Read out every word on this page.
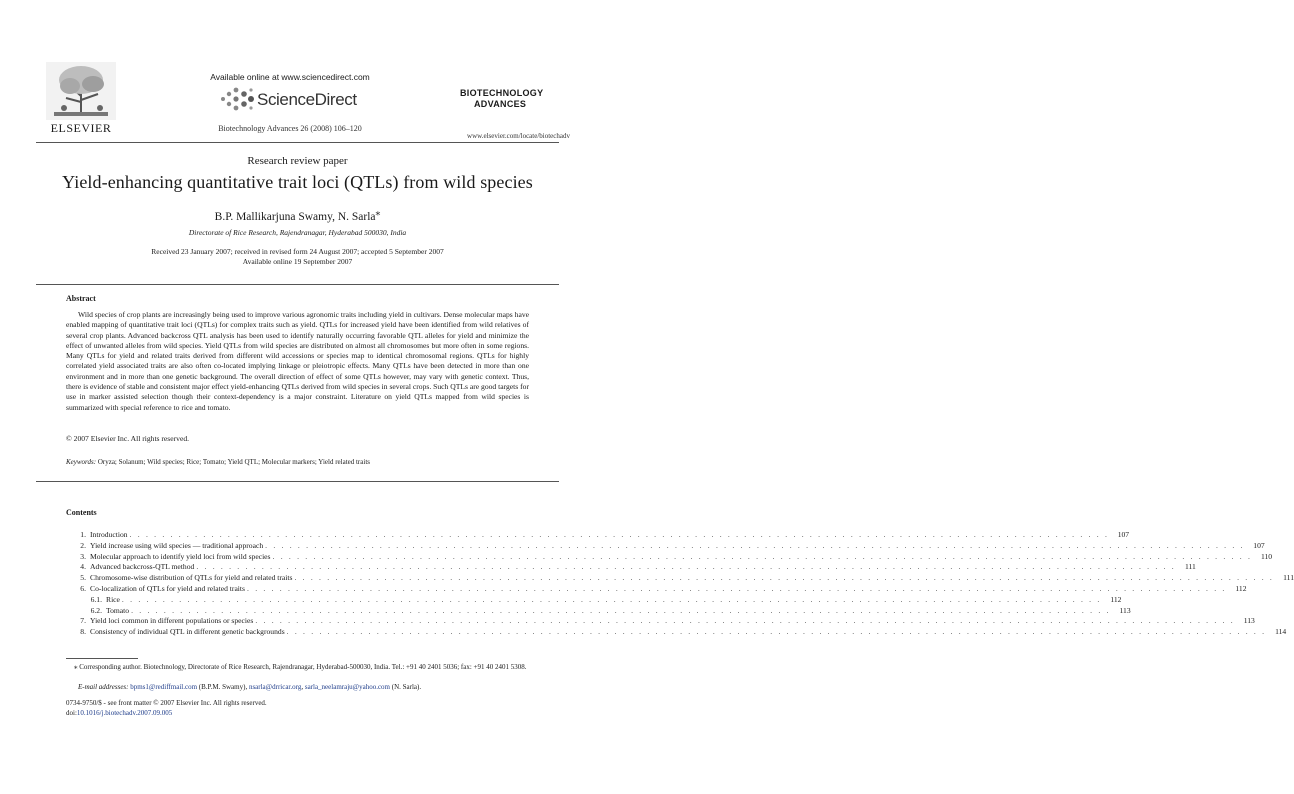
ELSEVIER
Available online at www.sciencedirect.com
ScienceDirect
Biotechnology Advances 26 (2008) 106–120
BIOTECHNOLOGY
ADVANCES
www.elsevier.com/locate/biotechadv
Research review paper
Yield-enhancing quantitative trait loci (QTLs) from wild species
B.P. Mallikarjuna Swamy, N. Sarla⁎
Directorate of Rice Research, Rajendranagar, Hyderabad 500030, India
Received 23 January 2007; received in revised form 24 August 2007; accepted 5 September 2007
Available online 19 September 2007
Abstract
Wild species of crop plants are increasingly being used to improve various agronomic traits including yield in cultivars. Dense molecular maps have enabled mapping of quantitative trait loci (QTLs) for complex traits such as yield. QTLs for increased yield have been identified from wild relatives of several crop plants. Advanced backcross QTL analysis has been used to identify naturally occurring favorable QTL alleles for yield and minimize the effect of unwanted alleles from wild species. Yield QTLs from wild species are distributed on almost all chromosomes but more often in some regions. Many QTLs for yield and related traits derived from different wild accessions or species map to identical chromosomal regions. QTLs for highly correlated yield associated traits are also often co-located implying linkage or pleiotropic effects. Many QTLs have been detected in more than one environment and in more than one genetic background. The overall direction of effect of some QTLs however, may vary with genetic context. Thus, there is evidence of stable and consistent major effect yield-enhancing QTLs derived from wild species in several crops. Such QTLs are good targets for use in marker assisted selection though their context-dependency is a major constraint. Literature on yield QTLs mapped from wild species is summarized with special reference to rice and tomato.
© 2007 Elsevier Inc. All rights reserved.
Keywords: Oryza; Solanum; Wild species; Rice; Tomato; Yield QTL; Molecular markers; Yield related traits
Contents
1. Introduction . . . . . . . . . . . . . . . . . . . . . . . . . . . . . . . . . . . . . . . . . . . . . . . . . . . . . . . . . . . . . . . . . . . . . . . . . . . . . . . . . . . . . . . . . . . . . . . . . . . . . . . . . . . . . . . . . . . . . . . .	107
2. Yield increase using wild species — traditional approach . . . . . . . . . . . . . . . . . . . . . . . . . . . . . . . . . . . . . . . . . . . . . . . . . . . . . . . . . . . . . . . . . . . . . . . . . . . . . . . . . . . . . . . . . . . . . . . . . . . . . . . . . . . . . . . . . . . . . . . .	107
3. Molecular approach to identify yield loci from wild species . . . . . . . . . . . . . . . . . . . . . . . . . . . . . . . . . . . . . . . . . . . . . . . . . . . . . . . . . . . . . . . . . . . . . . . . . . . . . . . . . . . . . . . . . . . . . . . . . . . . . . . . . . . . . . . . . . . . . . . .	110
4. Advanced backcross-QTL method . . . . . . . . . . . . . . . . . . . . . . . . . . . . . . . . . . . . . . . . . . . . . . . . . . . . . . . . . . . . . . . . . . . . . . . . . . . . . . . . . . . . . . . . . . . . . . . . . . . . . . . . . . . . . . . . . . . . . . . .	111
5. Chromosome-wise distribution of QTLs for yield and related traits . . . . . . . . . . . . . . . . . . . . . . . . . . . . . . . . . . . . . . . . . . . . . . . . . . . . . . . . . . . . . . . . . . . . . . . . . . . . . . . . . . . . . . . . . . . . . . . . . . . . . . . . . . . . . . . . . . . . . . . .	111
6. Co-localization of QTLs for yield and related traits . . . . . . . . . . . . . . . . . . . . . . . . . . . . . . . . . . . . . . . . . . . . . . . . . . . . . . . . . . . . . . . . . . . . . . . . . . . . . . . . . . . . . . . . . . . . . . . . . . . . . . . . . . . . . . . . . . . . . . . .	112
6.1. Rice . . . . . . . . . . . . . . . . . . . . . . . . . . . . . . . . . . . . . . . . . . . . . . . . . . . . . . . . . . . . . . . . . . . . . . . . . . . . . . . . . . . . . . . . . . . . . . . . . . . . . . . . . . . . . . . . . . . . . . . .	112
6.2. Tomato . . . . . . . . . . . . . . . . . . . . . . . . . . . . . . . . . . . . . . . . . . . . . . . . . . . . . . . . . . . . . . . . . . . . . . . . . . . . . . . . . . . . . . . . . . . . . . . . . . . . . . . . . . . . . . . . . . . . . . . .	113
7. Yield loci common in different populations or species . . . . . . . . . . . . . . . . . . . . . . . . . . . . . . . . . . . . . . . . . . . . . . . . . . . . . . . . . . . . . . . . . . . . . . . . . . . . . . . . . . . . . . . . . . . . . . . . . . . . . . . . . . . . . . . . . . . . . . . .	113
8. Consistency of individual QTL in different genetic backgrounds . . . . . . . . . . . . . . . . . . . . . . . . . . . . . . . . . . . . . . . . . . . . . . . . . . . . . . . . . . . . . . . . . . . . . . . . . . . . . . . . . . . . . . . . . . . . . . . . . . . . . . . . . . . . . . . . . . . . . . . .	114
⁎ Corresponding author. Biotechnology, Directorate of Rice Research, Rajendranagar, Hyderabad-500030, India. Tel.: +91 40 2401 5036; fax: +91 40 2401 5308.
E-mail addresses: bpms1@rediffmail.com (B.P.M. Swamy), nsarla@drricar.org, sarla_neelamraju@yahoo.com (N. Sarla).
0734-9750/$ - see front matter © 2007 Elsevier Inc. All rights reserved.
doi:10.1016/j.biotechadv.2007.09.005
